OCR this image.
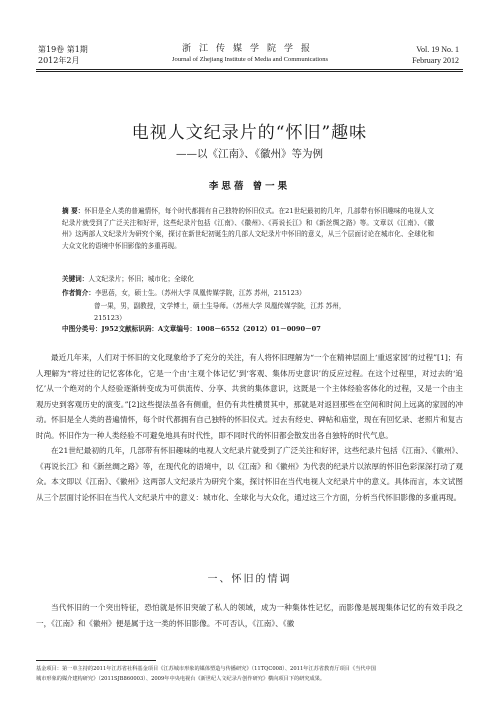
第19卷 第1期
2012年2月
浙江传媒学院学报
Journal of Zhejiang Institute of Media and Communications
Vol. 19 No. 1
February 2012
电视人文纪录片的“怀旧”趣味
——以《江南》、《徽州》等为例
李思蓓 曾一果
摘 要：怀旧是全人类的普遍情怀，每个时代都拥有自己独特的怀旧仪式。在21世纪最初的几年，几部带有怀旧趣味的电视人文纪录片就受到了广泛关注和好评，这些纪录片包括《江南》、《徽州》、《再说长江》和《新丝绸之路》等。文章以《江南》、《徽州》这两部人文纪录片为研究个案，探讨在新世纪初诞生的几部人文纪录片中怀旧的意义，从三个层面讨论在城市化、全球化和大众文化的语境中怀旧影像的多重再现。
关键词：人文纪录片；怀旧；城市化；全球化
作者简介：李思蓓，女，硕士生。（苏州大学 凤凰传媒学院，江苏 苏州，215123）
曾一果，男，副教授，文学博士，硕士生导师。（苏州大学 凤凰传媒学院，江苏 苏州，
215123）
中图分类号：J952文献标识码：A文章编号：1008－6552（2012）01－0090－07

最近几年来，人们对于怀旧的文化现象给予了充分的关注，有人将怀旧理解为“一个在精神层面上‘重返家园’的过程”[1]；有人理解为“将过往的记忆客体化，它是一个由‘主观个体记忆’到‘客观、集体历史意识’的反应过程。在这个过程里，对过去的‘追忆’从一个绝对的个人经验逐渐转变成为可供流传、分享、共赏的集体意识，这既是一个主体经验客体化的过程，又是一个由主观历史到客观历史的演变。”[2]这些提法虽各有侧重，但仍有共性横贯其中，那就是对返回那些在空间和时间上远离的家园的冲动。怀旧是全人类的普遍情怀，每个时代都拥有自己独特的怀旧仪式。过去有经史、碑帖和庙堂，现在有回忆录、老照片和复古时尚。怀旧作为一种人类经验不可避免地具有时代性，即不同时代的怀旧都会散发出各自独特的时代气息。

在21世纪最初的几年，几部带有怀旧趣味的电视人文纪录片就受到了广泛关注和好评，这些纪录片包括《江南》、《徽州》、《再说长江》和《新丝绸之路》等，在现代化的语境中，以《江南》和《徽州》为代表的纪录片以浓厚的怀旧色彩深深打动了观众。本文即以《江南》、《徽州》这两部人文纪录片为研究个案，探讨怀旧在当代电视人文纪录片中的意义。具体而言，本文试图从三个层面讨论怀旧在当代人文纪录片中的意义：城市化、全球化与大众化，通过这三个方面，分析当代怀旧影像的多重再现。

一、怀旧的情调

当代怀旧的一个突出特征，恐怕就是怀旧突破了私人的领域，成为一种集体性记忆，而影像是展现集体记忆的有效手段之一，《江南》和《徽州》便是属于这一类的怀旧影像。不可否认，《江南》、《徽

基金项目：第一单主持的2011年江苏省社科基金项目《江苏城市形象的媒体塑造与传播研究》（11TQC008）、2011年江苏省教育厅项目《当代中国
城市形象的媒介建构研究》（2011SJB860003）、2009年中央电视台《新世纪人文纪录片创作研究》横向项目下的研究成果。
